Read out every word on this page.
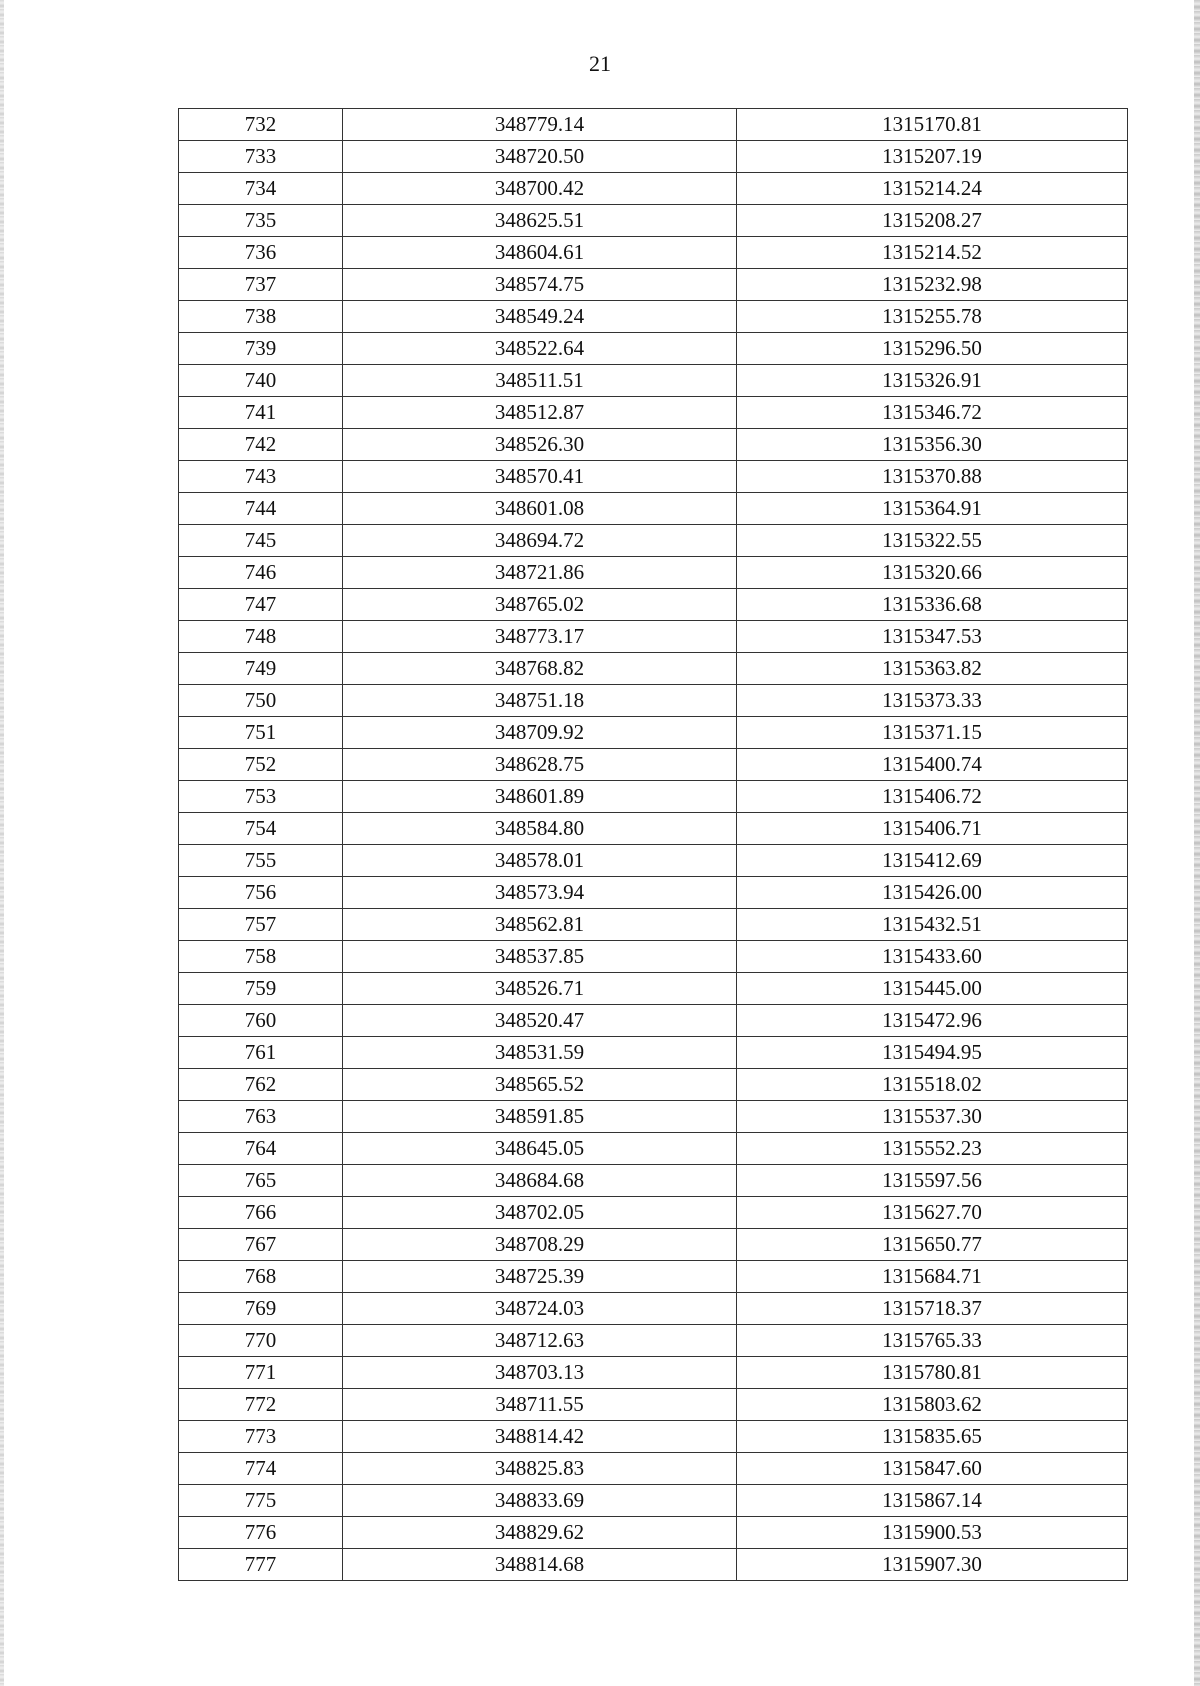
21
732	348779.14	1315170.81
733	348720.50	1315207.19
734	348700.42	1315214.24
735	348625.51	1315208.27
736	348604.61	1315214.52
737	348574.75	1315232.98
738	348549.24	1315255.78
739	348522.64	1315296.50
740	348511.51	1315326.91
741	348512.87	1315346.72
742	348526.30	1315356.30
743	348570.41	1315370.88
744	348601.08	1315364.91
745	348694.72	1315322.55
746	348721.86	1315320.66
747	348765.02	1315336.68
748	348773.17	1315347.53
749	348768.82	1315363.82
750	348751.18	1315373.33
751	348709.92	1315371.15
752	348628.75	1315400.74
753	348601.89	1315406.72
754	348584.80	1315406.71
755	348578.01	1315412.69
756	348573.94	1315426.00
757	348562.81	1315432.51
758	348537.85	1315433.60
759	348526.71	1315445.00
760	348520.47	1315472.96
761	348531.59	1315494.95
762	348565.52	1315518.02
763	348591.85	1315537.30
764	348645.05	1315552.23
765	348684.68	1315597.56
766	348702.05	1315627.70
767	348708.29	1315650.77
768	348725.39	1315684.71
769	348724.03	1315718.37
770	348712.63	1315765.33
771	348703.13	1315780.81
772	348711.55	1315803.62
773	348814.42	1315835.65
774	348825.83	1315847.60
775	348833.69	1315867.14
776	348829.62	1315900.53
777	348814.68	1315907.30
